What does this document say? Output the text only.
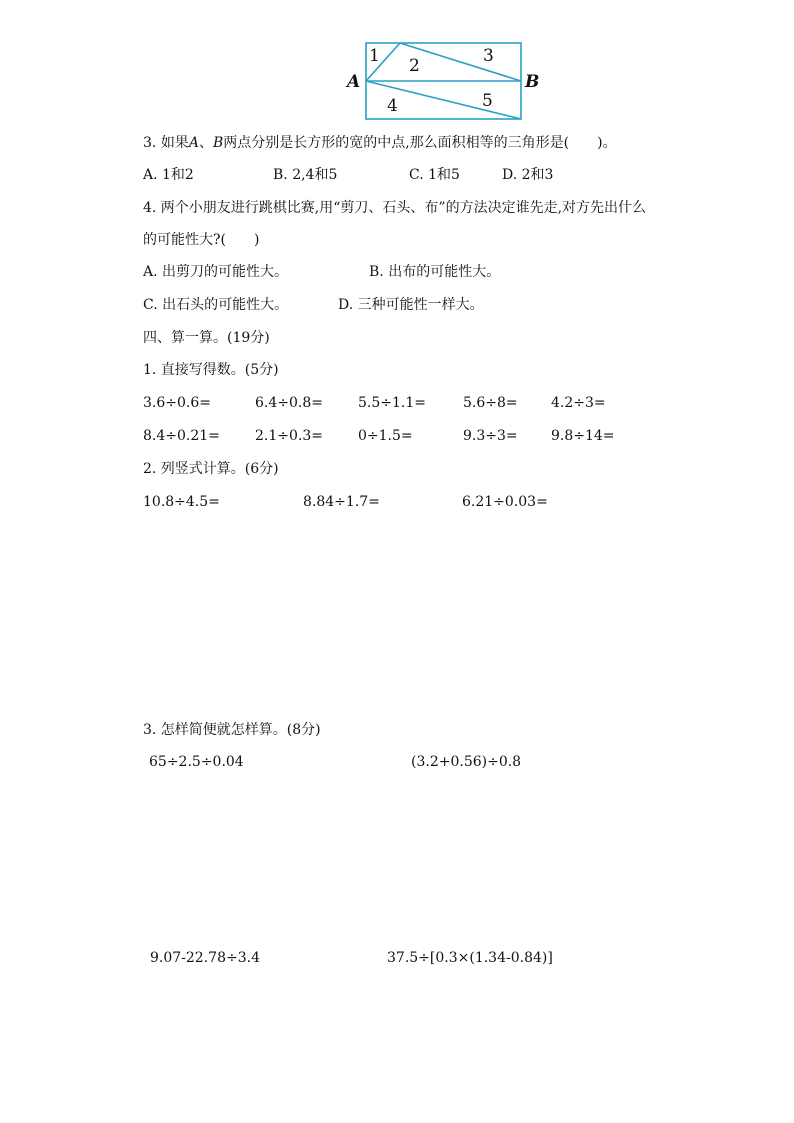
1 2	3
4	5
A	B
3. 如果A、B两点分别是长方形的宽的中点,那么面积相等的三角形是(　　)。
A. 1和2	B. 2,4和5	C. 1和5	D. 2和3
4. 两个小朋友进行跳棋比赛,用“剪刀、石头、布”的方法决定谁先走,对方先出什么
的可能性大?(　　)
A. 出剪刀的可能性大。	B. 出布的可能性大。
C. 出石头的可能性大。	D. 三种可能性一样大。
四、算一算。(19分)
1. 直接写得数。(5分)
3.6÷0.6=	6.4÷0.8=	5.5÷1.1=	5.6÷8= 4.2÷3=
8.4÷0.21=	2.1÷0.3=	0÷1.5=	9.3÷3= 9.8÷14=
2. 列竖式计算。(6分)
10.8÷4.5=	8.84÷1.7=	6.21÷0.03=
3. 怎样简便就怎样算。(8分)
65÷2.5÷0.04	(3.2+0.56)÷0.8
9.07-22.78÷3.4	37.5÷[0.3×(1.34-0.84)]
